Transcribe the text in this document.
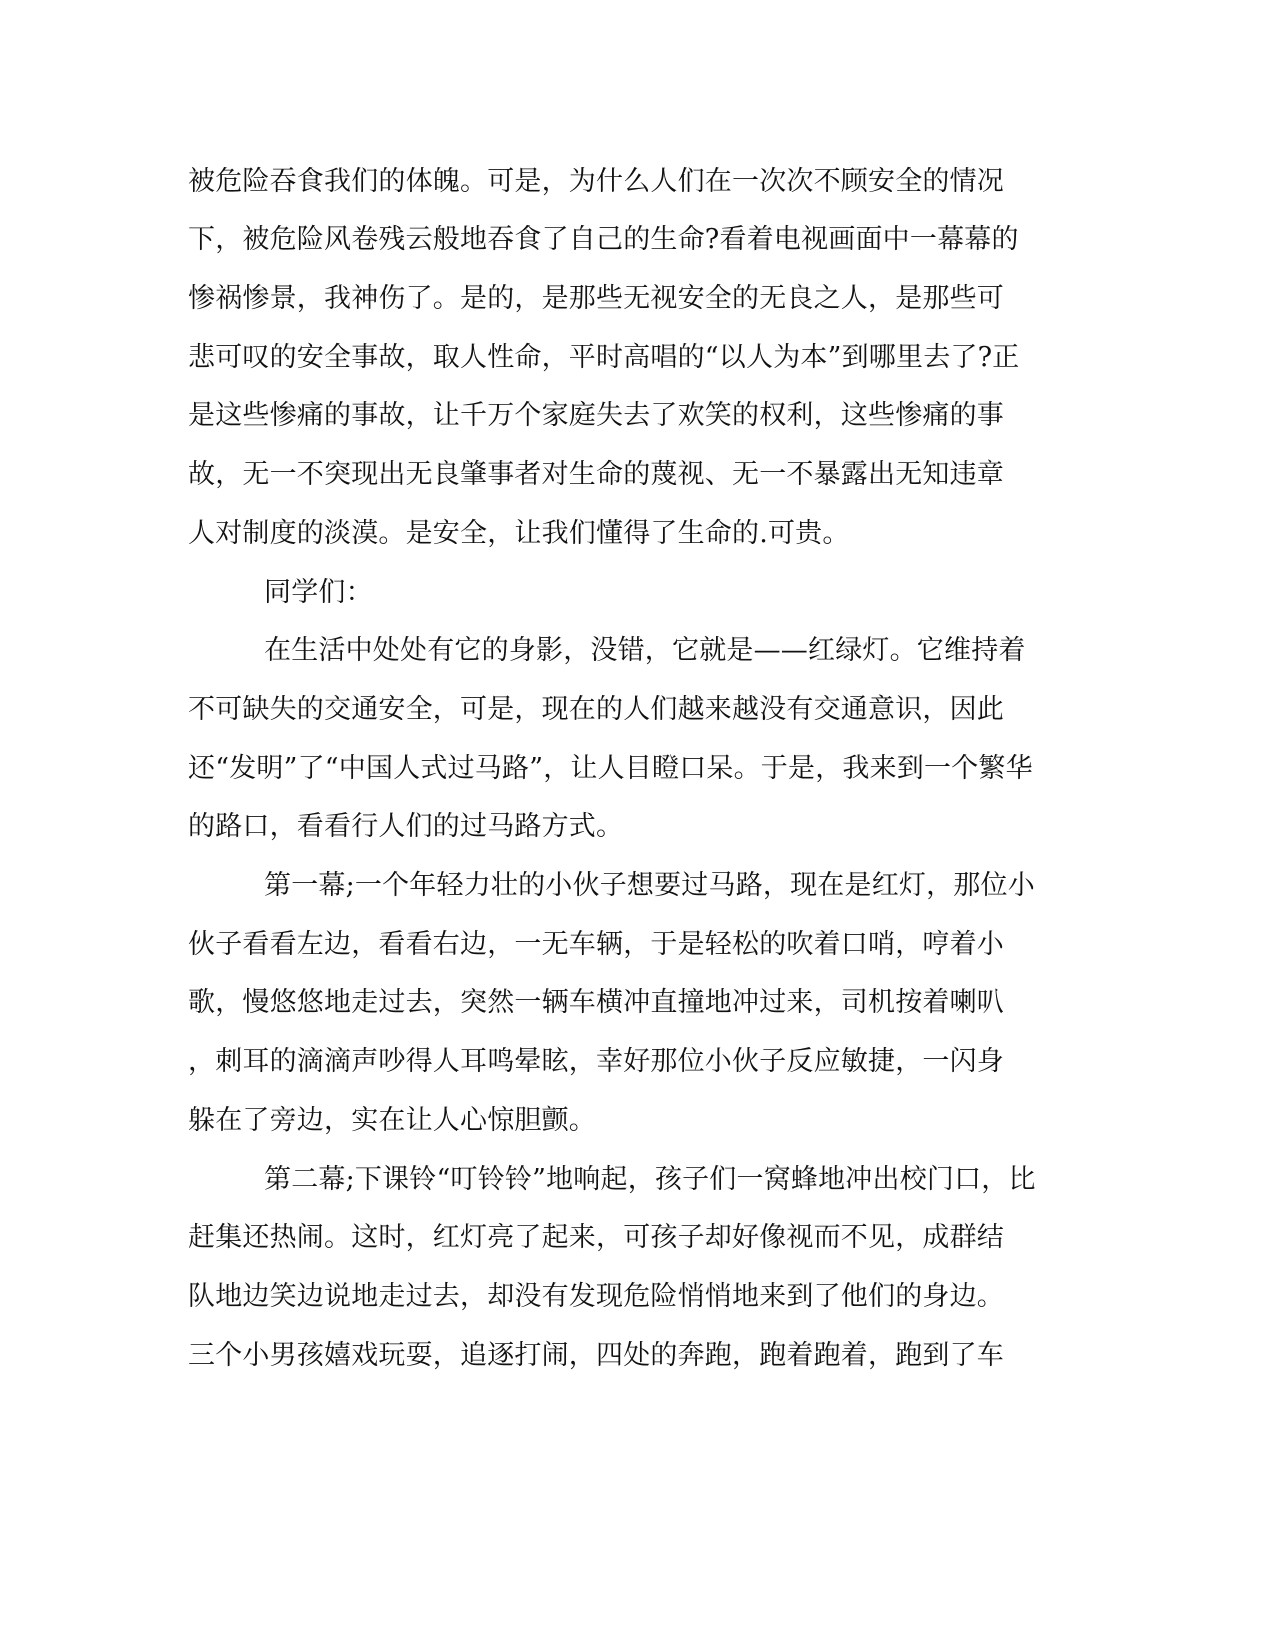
被危险吞食我们的体魄。可是，为什么人们在一次次不顾安全的情况
下，被危险风卷残云般地吞食了自己的生命?看着电视画面中一幕幕的
惨祸惨景，我神伤了。是的，是那些无视安全的无良之人，是那些可
悲可叹的安全事故，取人性命，平时高唱的“以人为本”到哪里去了?正
是这些惨痛的事故，让千万个家庭失去了欢笑的权利，这些惨痛的事
故，无一不突现出无良肇事者对生命的蔑视、无一不暴露出无知违章
人对制度的淡漠。是安全，让我们懂得了生命的.可贵。
同学们：
在生活中处处有它的身影，没错，它就是——红绿灯。它维持着
不可缺失的交通安全，可是，现在的人们越来越没有交通意识，因此
还“发明”了“中国人式过马路”，让人目瞪口呆。于是，我来到一个繁华
的路口，看看行人们的过马路方式。
第一幕;一个年轻力壮的小伙子想要过马路，现在是红灯，那位小
伙子看看左边，看看右边，一无车辆，于是轻松的吹着口哨，哼着小
歌，慢悠悠地走过去，突然一辆车横冲直撞地冲过来，司机按着喇叭
，刺耳的滴滴声吵得人耳鸣晕眩，幸好那位小伙子反应敏捷，一闪身
躲在了旁边，实在让人心惊胆颤。
第二幕;下课铃“叮铃铃”地响起，孩子们一窝蜂地冲出校门口，比
赶集还热闹。这时，红灯亮了起来，可孩子却好像视而不见，成群结
队地边笑边说地走过去，却没有发现危险悄悄地来到了他们的身边。
三个小男孩嬉戏玩耍，追逐打闹，四处的奔跑，跑着跑着，跑到了车
